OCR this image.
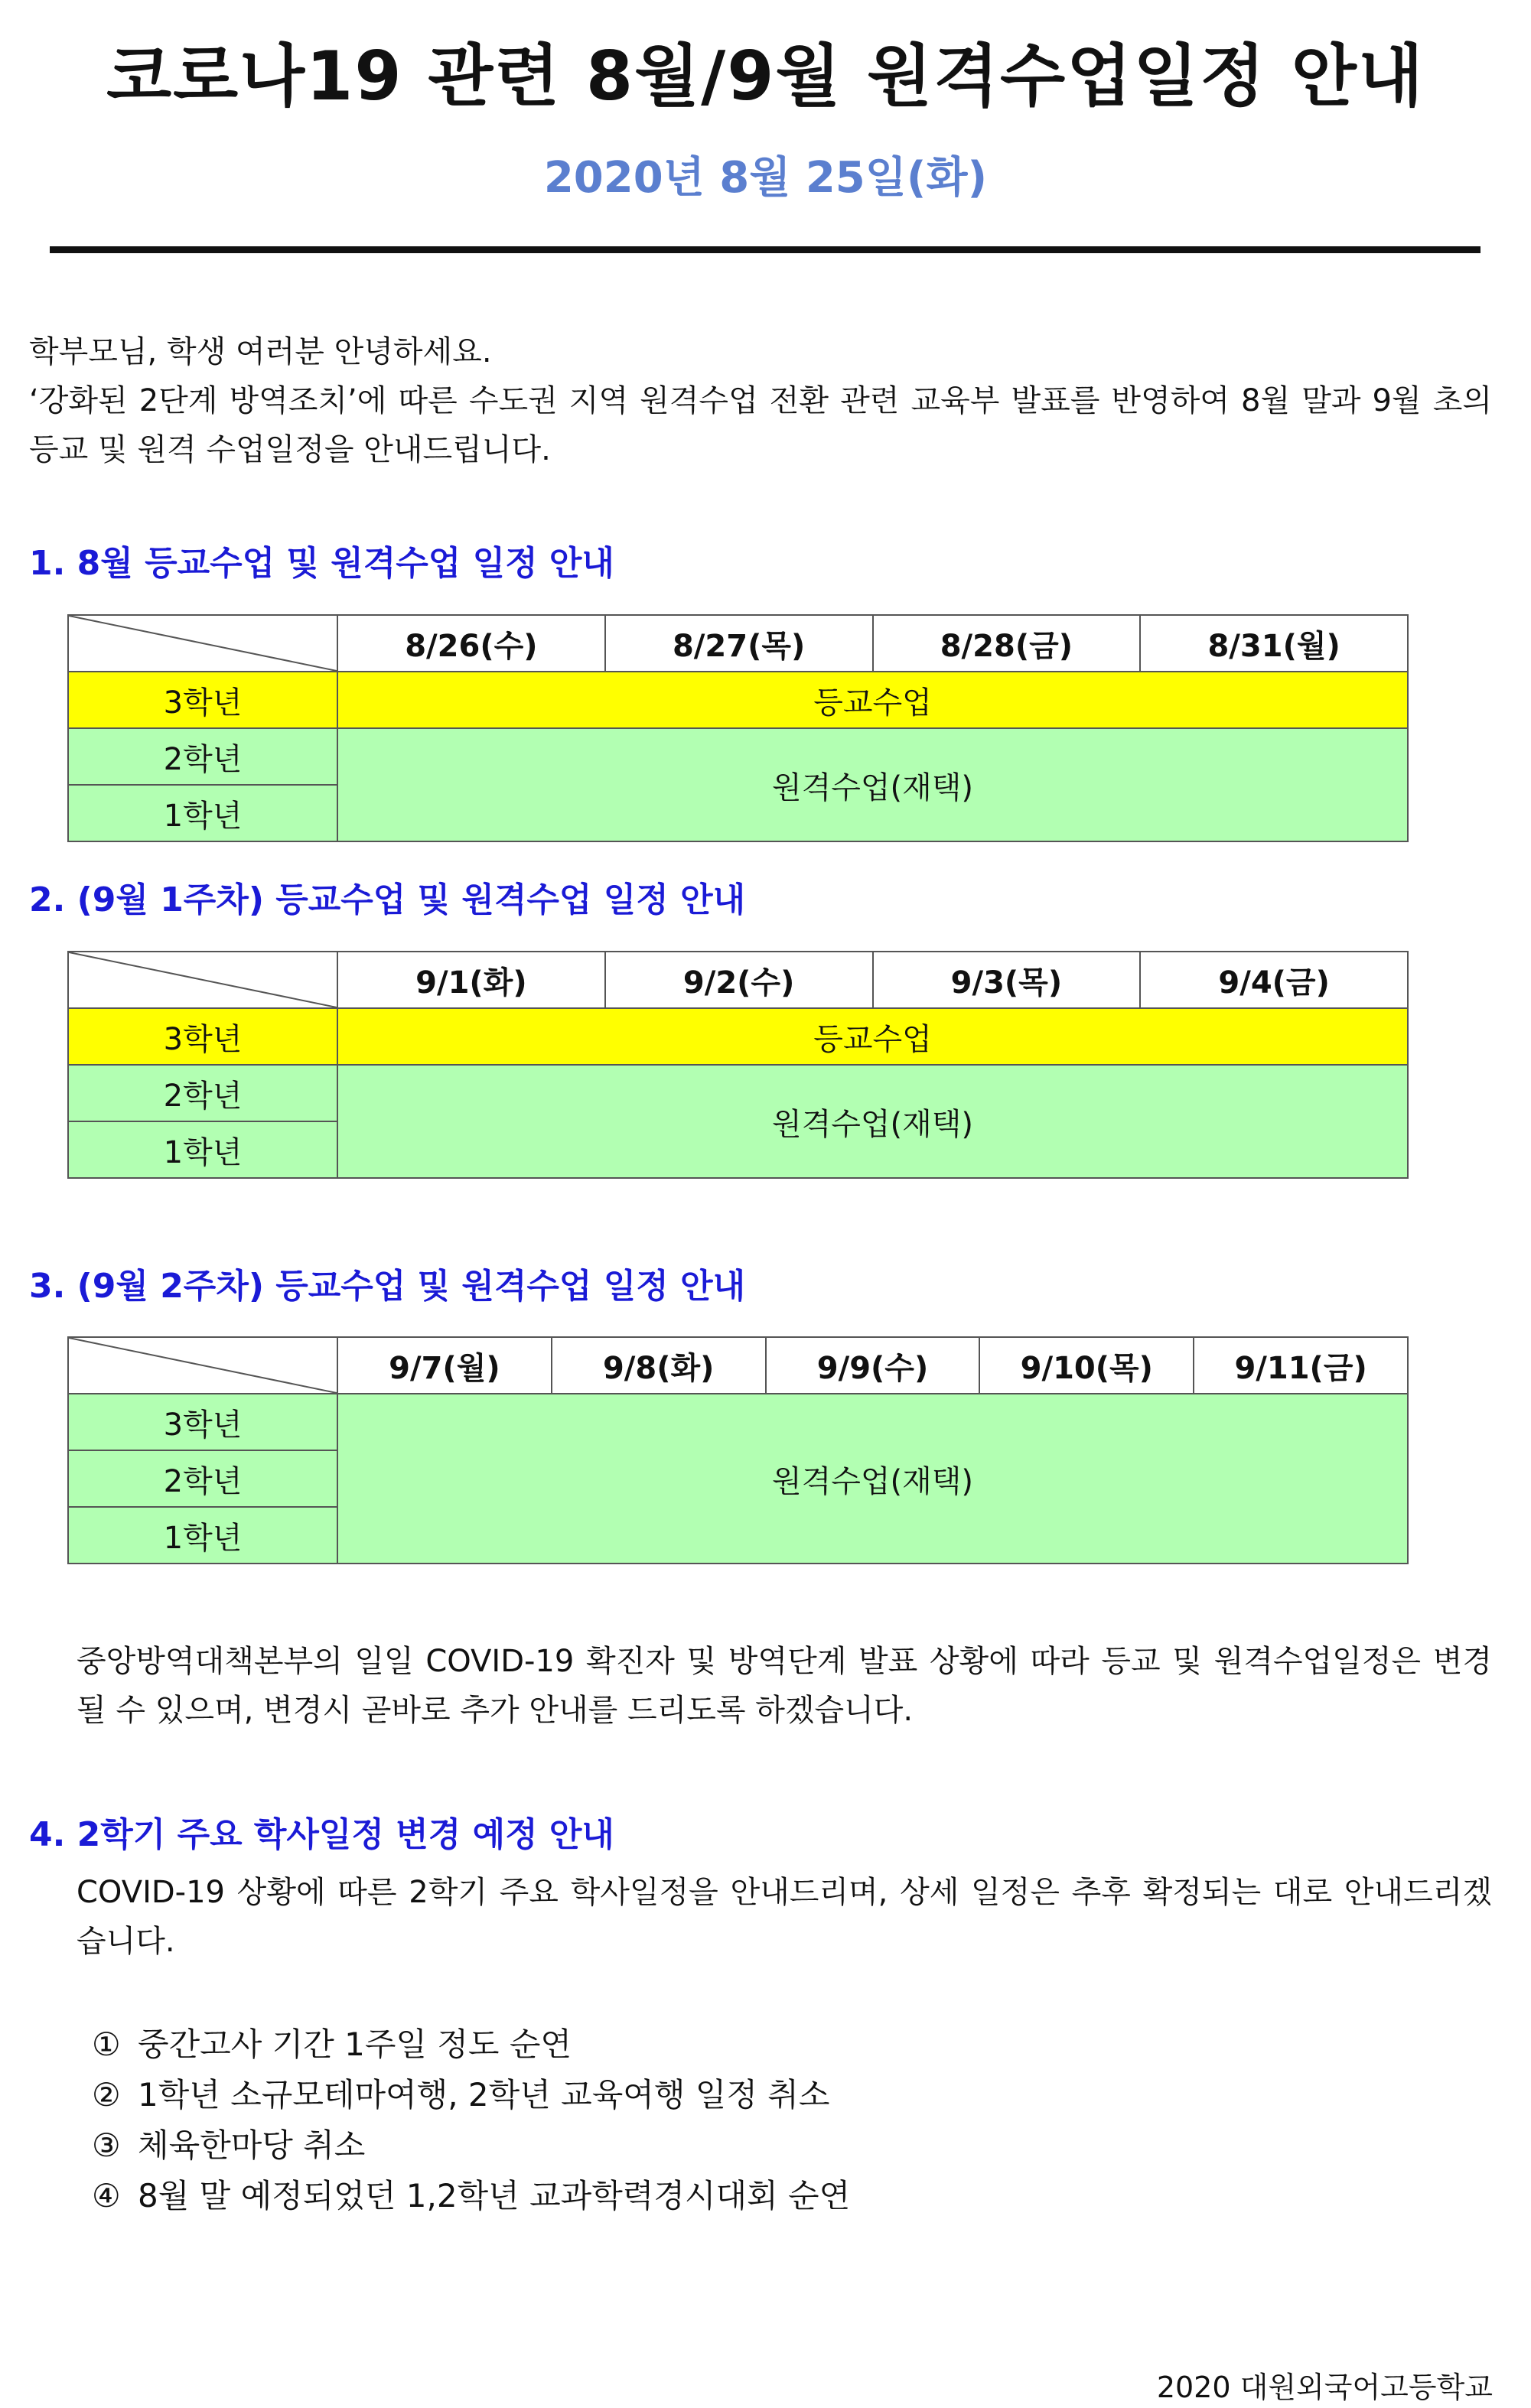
코로나19 관련 8월/9월 원격수업일정 안내
2020년 8월 25일(화)
학부모님, 학생 여러분 안녕하세요.
‘강화된 2단계 방역조치’에 따른 수도권 지역 원격수업 전환 관련 교육부 발표를 반영하여 8월 말과 9월 초의 등교 및 원격 수업일정을 안내드립니다.
1. 8월 등교수업 및 원격수업 일정 안내
	8/26(수)	8/27(목)	8/28(금)	8/31(월)
3학년	등교수업			
2학년	원격수업(재택)			
1학년				
2. (9월 1주차) 등교수업 및 원격수업 일정 안내
	9/1(화)	9/2(수)	9/3(목)	9/4(금)
3학년	등교수업			
2학년	원격수업(재택)			
1학년				
3. (9월 2주차) 등교수업 및 원격수업 일정 안내
	9/7(월)	9/8(화)	9/9(수)	9/10(목)	9/11(금)
3학년	원격수업(재택)				
2학년					
1학년					
중앙방역대책본부의 일일 COVID-19 확진자 및 방역단계 발표 상황에 따라 등교 및 원격수업일정은 변경될 수 있으며, 변경시 곧바로 추가 안내를 드리도록 하겠습니다.
4. 2학기 주요 학사일정 변경 예정 안내
COVID-19 상황에 따른 2학기 주요 학사일정을 안내드리며, 상세 일정은 추후 확정되는 대로 안내드리겠습니다.
① 중간고사 기간 1주일 정도 순연
② 1학년 소규모테마여행, 2학년 교육여행 일정 취소
③ 체육한마당 취소
④ 8월 말 예정되었던 1,2학년 교과학력경시대회 순연
2020 대원외국어고등학교
